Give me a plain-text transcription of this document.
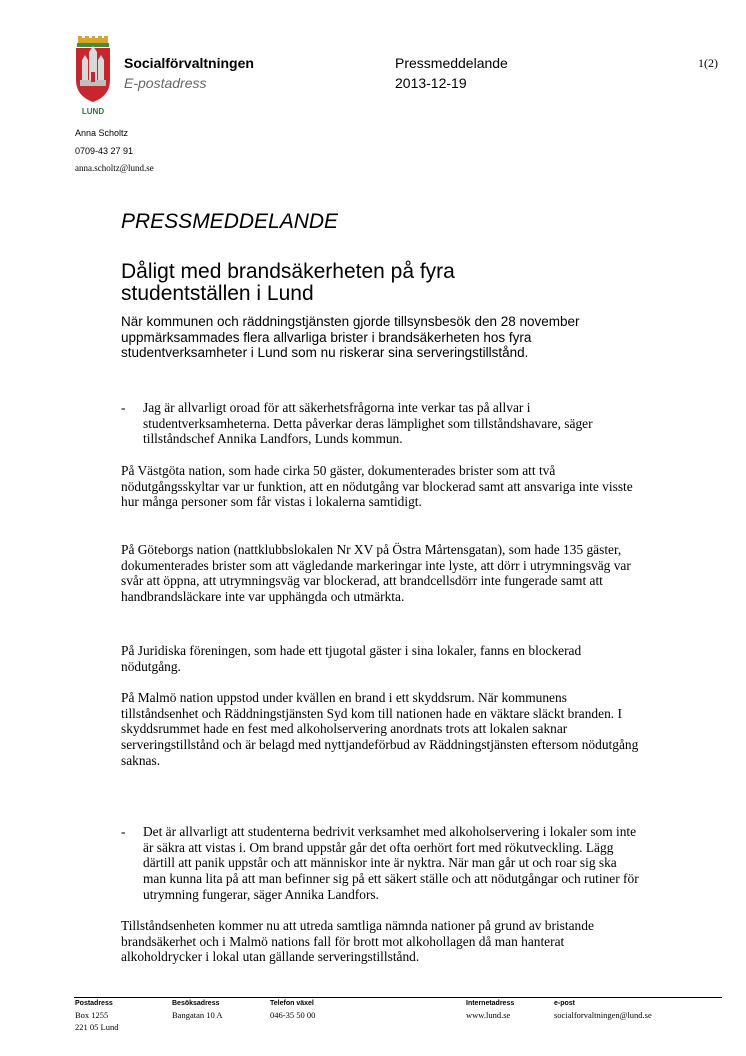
LUND
Socialförvaltningen
E-postadress
Pressmeddelande
2013-12-19
1(2)
Anna Scholtz
0709-43 27 91
anna.scholtz@lund.se
PRESSMEDDELANDE
Dåligt med brandsäkerheten på fyra studentställen i Lund
När kommunen och räddningstjänsten gjorde tillsynsbesök den 28 november uppmärksammades flera allvarliga brister i brandsäkerheten hos fyra studentverksamheter i Lund som nu riskerar sina serveringstillstånd.
- Jag är allvarligt oroad för att säkerhetsfrågorna inte verkar tas på allvar i studentverksamheterna. Detta påverkar deras lämplighet som tillståndshavare, säger tillståndschef Annika Landfors, Lunds kommun.
På Västgöta nation, som hade cirka 50 gäster, dokumenterades brister som att två nödutgångsskyltar var ur funktion, att en nödutgång var blockerad samt att ansvariga inte visste hur många personer som får vistas i lokalerna samtidigt.
På Göteborgs nation (nattklubbslokalen Nr XV på Östra Mårtensgatan), som hade 135 gäster, dokumenterades brister som att vägledande markeringar inte lyste, att dörr i utrymningsväg var svår att öppna, att utrymningsväg var blockerad, att brandcellsdörr inte fungerade samt att handbrandsläckare inte var upphängda och utmärkta.
På Juridiska föreningen, som hade ett tjugotal gäster i sina lokaler, fanns en blockerad nödutgång.
På Malmö nation uppstod under kvällen en brand i ett skyddsrum. När kommunens tillståndsenhet och Räddningstjänsten Syd kom till nationen hade en väktare släckt branden. I skyddsrummet hade en fest med alkoholservering anordnats trots att lokalen saknar serveringstillstånd och är belagd med nyttjandeförbud av Räddningstjänsten eftersom nödutgång saknas.
- Det är allvarligt att studenterna bedrivit verksamhet med alkoholservering i lokaler som inte är säkra att vistas i. Om brand uppstår går det ofta oerhört fort med rökutveckling. Lägg därtill att panik uppstår och att människor inte är nyktra. När man går ut och roar sig ska man kunna lita på att man befinner sig på ett säkert ställe och att nödutgångar och rutiner för utrymning fungerar, säger Annika Landfors.
Tillståndsenheten kommer nu att utreda samtliga nämnda nationer på grund av bristande brandsäkerhet och i Malmö nations fall för brott mot alkohollagen då man hanterat alkoholdrycker i lokal utan gällande serveringstillstånd.
Postadress
Box 1255
221 05 Lund
Besöksadress
Bangatan 10 A
Telefon växel
046-35 50 00
Internetadress
www.lund.se
e-post
socialforvaltningen@lund.se
